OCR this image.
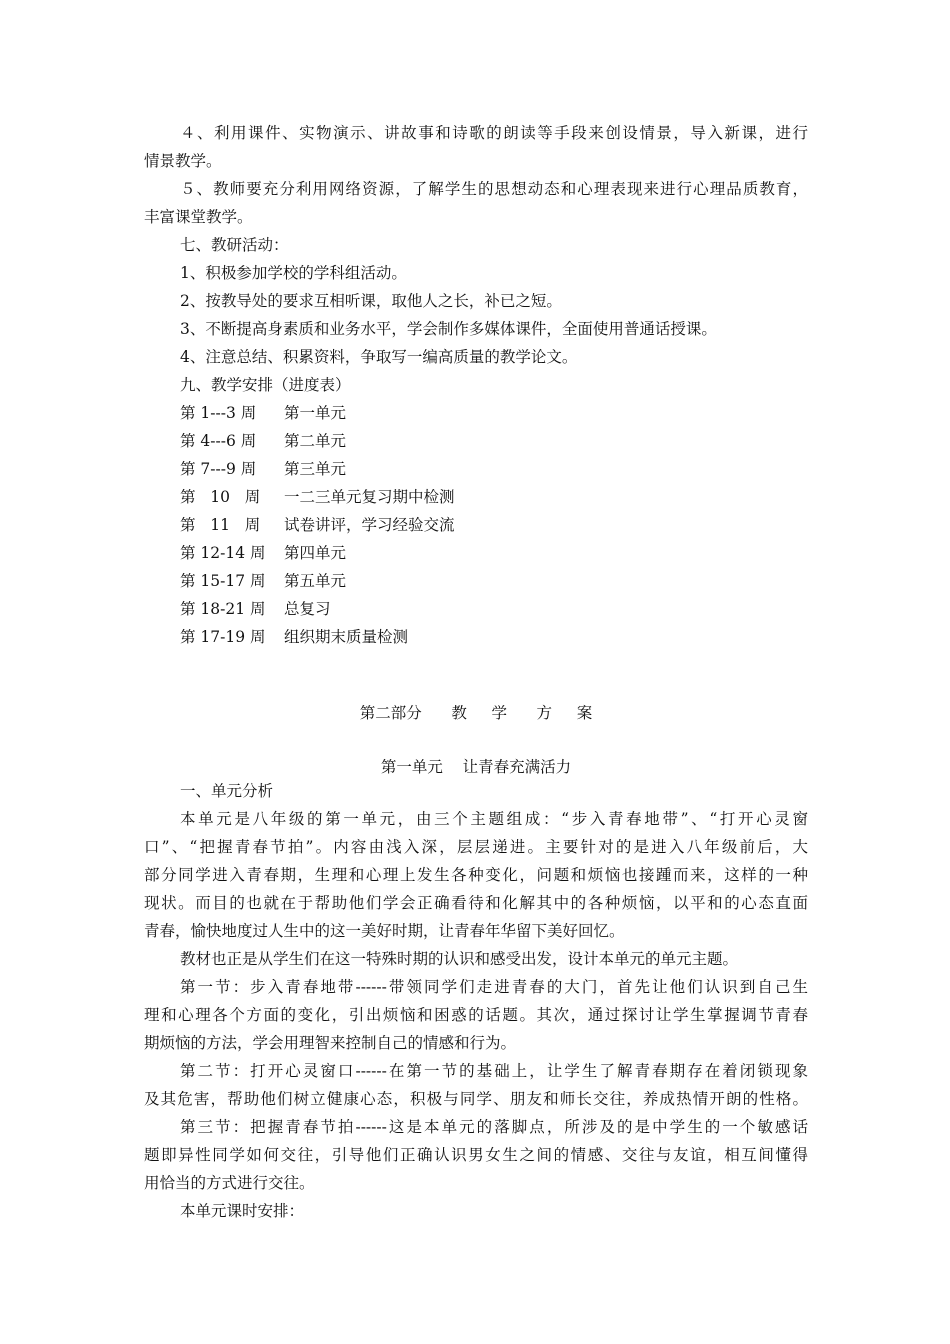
４、利用课件、实物演示、讲故事和诗歌的朗读等手段来创设情景，导入新课，进行
情景教学。
５、教师要充分利用网络资源，了解学生的思想动态和心理表现来进行心理品质教育，
丰富课堂教学。
七、教研活动：
1、积极参加学校的学科组活动。
2、按教导处的要求互相听课，取他人之长，补已之短。
3、不断提高身素质和业务水平，学会制作多媒体课件，全面使用普通话授课。
4、注意总结、积累资料，争取写一编高质量的教学论文。
九、教学安排（进度表）
第 1---3 周 第一单元
第 4---6 周 第二单元
第 7---9 周 第三单元
第   10   周 一二三单元复习期中检测
第   11   周 试卷讲评，学习经验交流
第 12-14 周 第四单元
第 15-17 周 第五单元
第 18-21 周 总复习
第 17-19 周 组织期末质量检测
第二部分      教     学      方     案
第一单元    让青春充满活力
一、单元分析
本单元是八年级的第一单元，由三个主题组成：“步入青春地带”、“打开心灵窗
口”、“把握青春节拍”。内容由浅入深，层层递进。主要针对的是进入八年级前后，大
部分同学进入青春期，生理和心理上发生各种变化，问题和烦恼也接踵而来，这样的一种
现状。而目的也就在于帮助他们学会正确看待和化解其中的各种烦恼，以平和的心态直面
青春，愉快地度过人生中的这一美好时期，让青春年华留下美好回忆。
教材也正是从学生们在这一特殊时期的认识和感受出发，设计本单元的单元主题。
第一节：步入青春地带------带领同学们走进青春的大门，首先让他们认识到自己生
理和心理各个方面的变化，引出烦恼和困惑的话题。其次，通过探讨让学生掌握调节青春
期烦恼的方法，学会用理智来控制自己的情感和行为。
第二节：打开心灵窗口------在第一节的基础上，让学生了解青春期存在着闭锁现象
及其危害，帮助他们树立健康心态，积极与同学、朋友和师长交往，养成热情开朗的性格。
第三节：把握青春节拍------这是本单元的落脚点，所涉及的是中学生的一个敏感话
题即异性同学如何交往，引导他们正确认识男女生之间的情感、交往与友谊，相互间懂得
用恰当的方式进行交往。
本单元课时安排：
